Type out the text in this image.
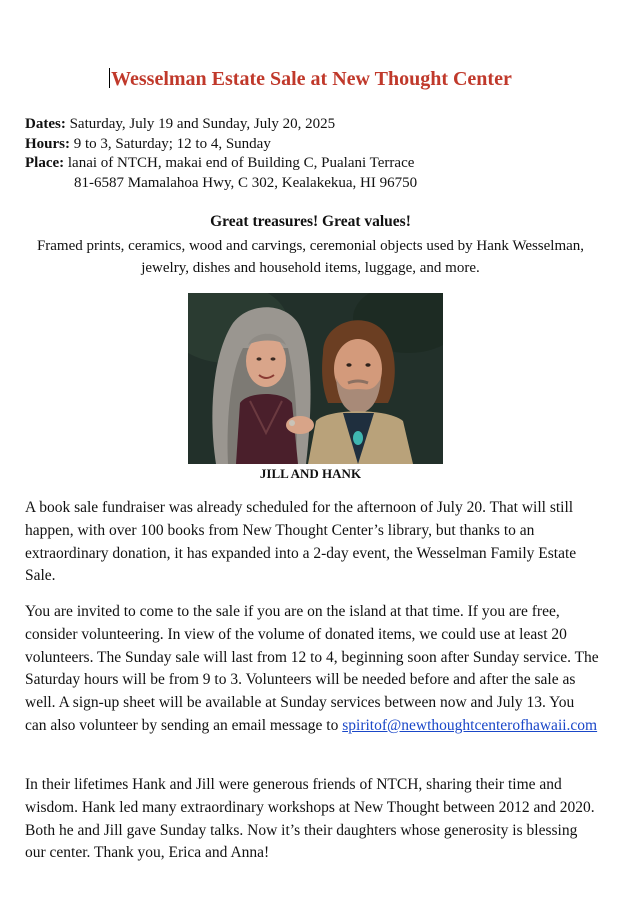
Wesselman Estate Sale at New Thought Center
Dates: Saturday, July 19 and Sunday, July 20, 2025
Hours: 9 to 3, Saturday; 12 to 4, Sunday
Place: lanai of NTCH, makai end of Building C, Pualani Terrace
81-6587 Mamalahoa Hwy, C 302, Kealakekua, HI 96750
Great treasures! Great values!
Framed prints, ceramics, wood and carvings, ceremonial objects used by Hank Wesselman, jewelry, dishes and household items, luggage, and more.
JILL AND HANK

A book sale fundraiser was already scheduled for the afternoon of July 20. That will still happen, with over 100 books from New Thought Center’s library, but thanks to an extraordinary donation, it has expanded into a 2-day event, the Wesselman Family Estate Sale.

You are invited to come to the sale if you are on the island at that time. If you are free, consider volunteering. In view of the volume of donated items, we could use at least 20 volunteers. The Sunday sale will last from 12 to 4, beginning soon after Sunday service. The Saturday hours will be from 9 to 3. Volunteers will be needed before and after the sale as well. A sign-up sheet will be available at Sunday services between now and July 13. You can also volunteer by sending an email message to spiritof@newthoughtcenterofhawaii.com

In their lifetimes Hank and Jill were generous friends of NTCH, sharing their time and wisdom. Hank led many extraordinary workshops at New Thought between 2012 and 2020. Both he and Jill gave Sunday talks. Now it’s their daughters whose generosity is blessing our center. Thank you, Erica and Anna!
